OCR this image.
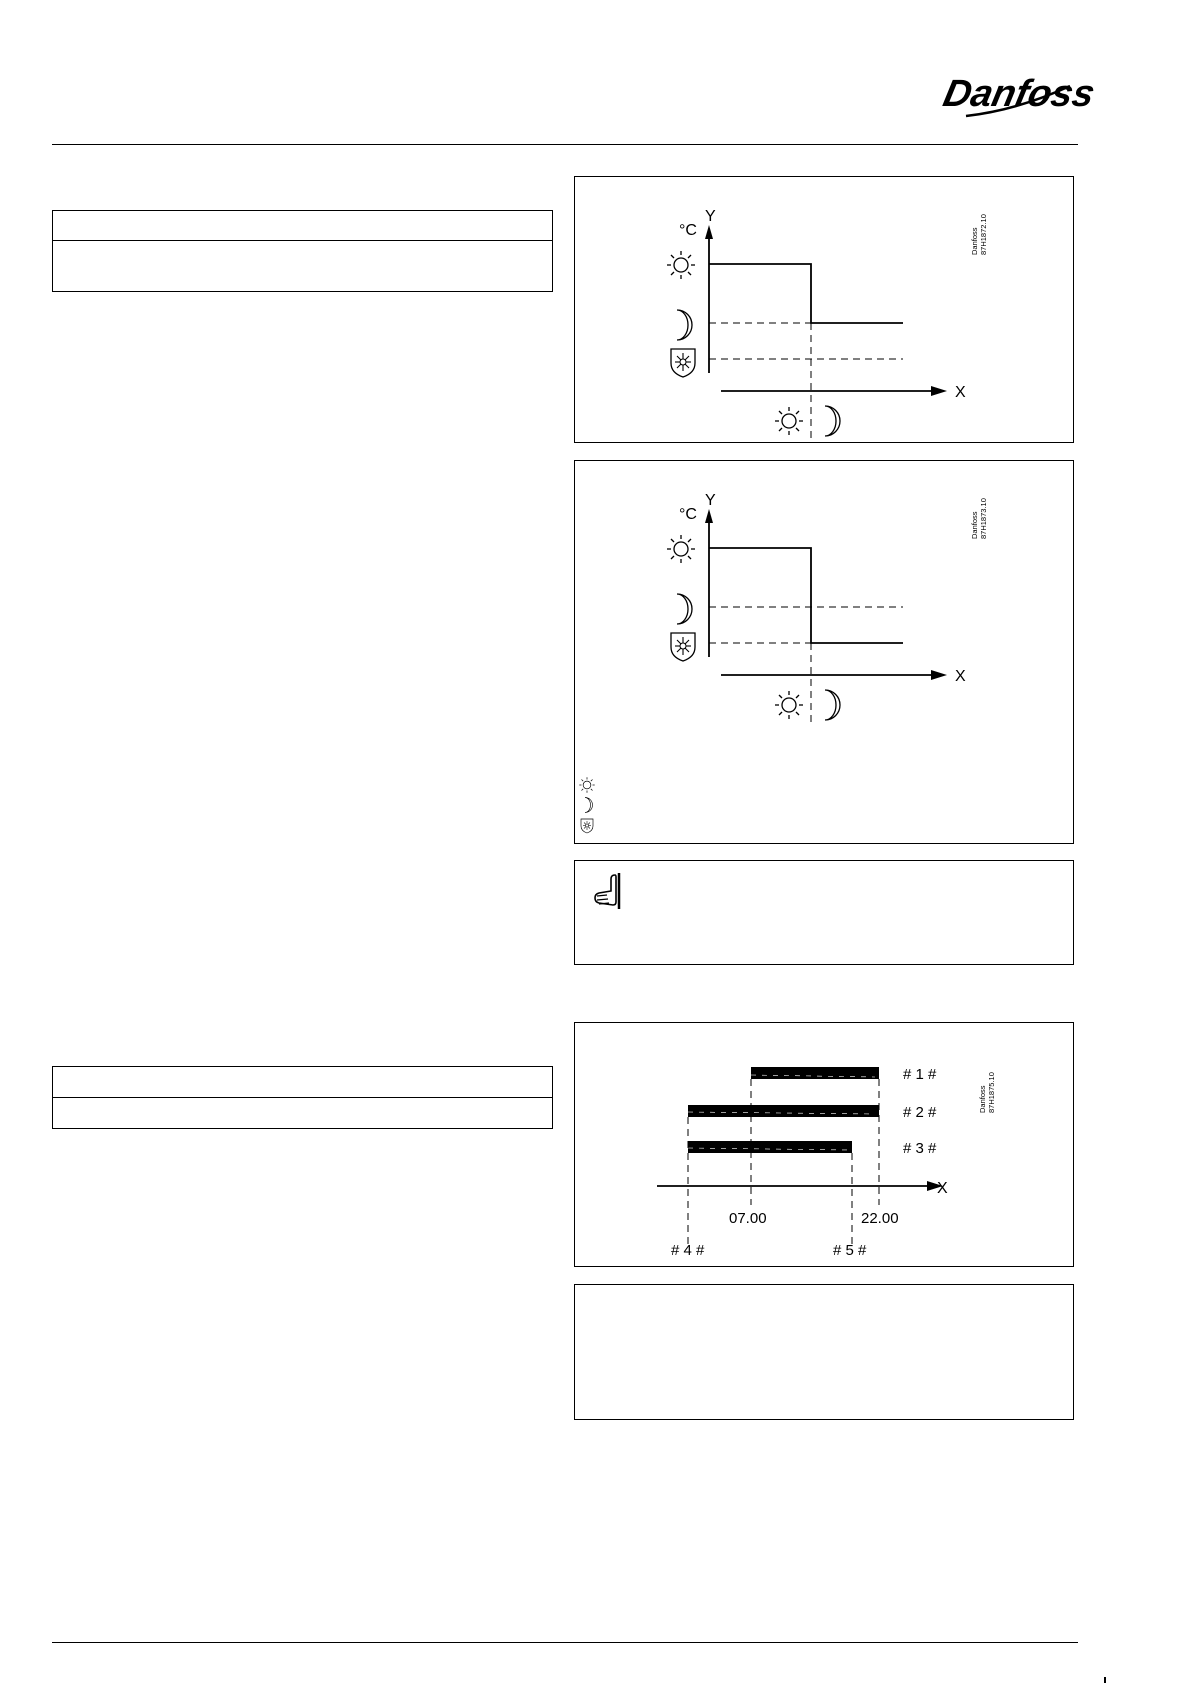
Danfoss
Y
°C
X
Danfoss 87H1872.10
Y
°C
X
Danfoss 87H1873.10
# 1 #
# 2 #
# 3 #
X
07.00	22.00
# 4 #	# 5 #
Danfoss 87H1875.10
